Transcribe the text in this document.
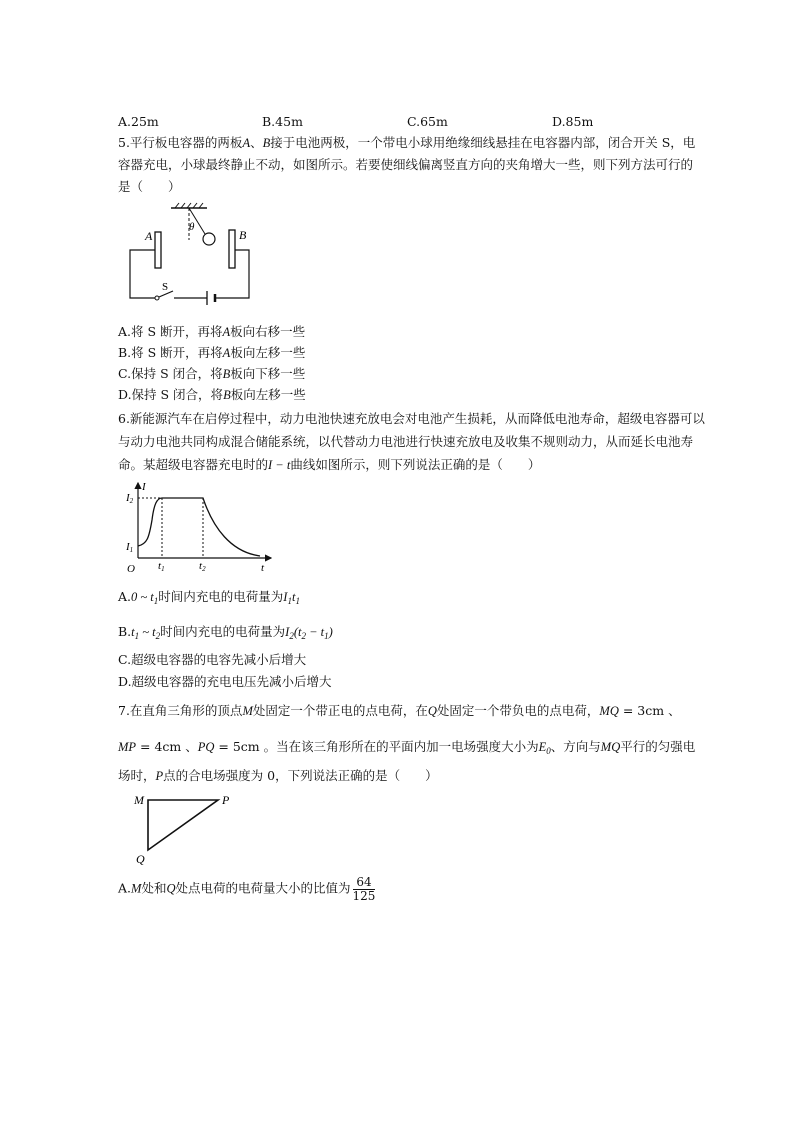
A.25m	B.45m	C.65m	D.85m
5.平行板电容器的两板A、B接于电池两极，一个带电小球用绝缘细线悬挂在电容器内部，闭合开关 S，电
容器充电，小球最终静止不动，如图所示。若要使细线偏离竖直方向的夹角增大一些，则下列方法可行的
是（　　）
θ
A	B
S
A.将 S 断开，再将A板向右移一些
B.将 S 断开，再将A板向左移一些
C.保持 S 闭合，将B板向下移一些
D.保持 S 闭合，将B板向左移一些
6.新能源汽车在启停过程中，动力电池快速充放电会对电池产生损耗，从而降低电池寿命，超级电容器可以
与动力电池共同构成混合储能系统，以代替动力电池进行快速充放电及收集不规则动力，从而延长电池寿
命。某超级电容器充电时的I − t曲线如图所示，则下列说法正确的是（　　）
I
t
O
I2
I1
t1	t2
A.0 ~ $t_1$时间内充电的电荷量为$I_1t_1$
$B.t_1$ ~ $t_2$时间内充电的电荷量为$I_2(t_2 - t_1)$
C.超级电容器的电容先减小后增大
D.超级电容器的充电电压先减小后增大
7.在直角三角形的顶点M处固定一个带正电的点电荷，在Q处固定一个带负电的点电荷，MQ = 3cm 、
MP = 4cm 、PQ = 5cm 。当在该三角形所在的平面内加一电场强度大小为$E_0$、方向与MQ平行的匀强电
场时，P点的合电场强度为 0，下列说法正确的是（　　）
M	P
Q
A.M处和Q处点电荷的电荷量大小的比值为 $\frac{64}{125}$
